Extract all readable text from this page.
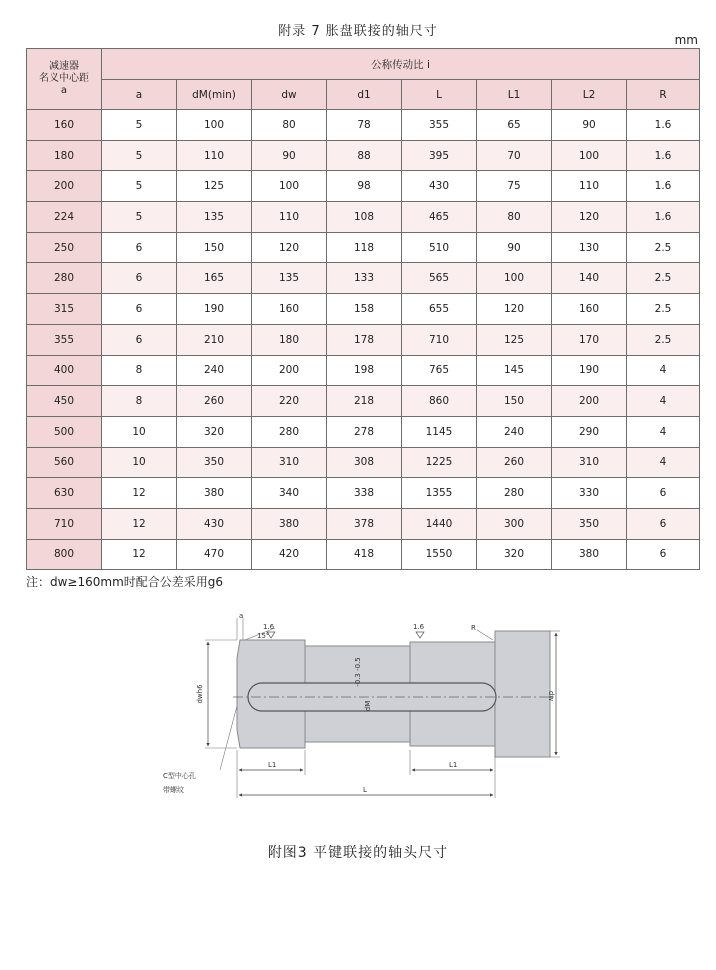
附录 7 胀盘联接的轴尺寸
mm
减速器
名义中心距
a	公称传动比 i							
	a	dM(min)	dw	d1	L	L1	L2	R
160	5	100	80	78	355	65	90	1.6
180	5	110	90	88	395	70	100	1.6
200	5	125	100	98	430	75	110	1.6
224	5	135	110	108	465	80	120	1.6
250	6	150	120	118	510	90	130	2.5
280	6	165	135	133	565	100	140	2.5
315	6	190	160	158	655	120	160	2.5
355	6	210	180	178	710	125	170	2.5
400	8	240	200	198	765	145	190	4
450	8	260	220	218	860	150	200	4
500	10	320	280	278	1145	240	290	4
560	10	350	310	308	1225	260	310	4
630	12	380	340	338	1355	280	330	6
710	12	430	380	378	1440	300	350	6
800	12	470	420	418	1550	320	380	6
注：dw≥160mm时配合公差采用g6
dwh6
-0.3 -0.5
dM
dw
a
15°
1.6	1.6	R
C型中心孔
带螺纹
L1	L1
L
附图3 平键联接的轴头尺寸
